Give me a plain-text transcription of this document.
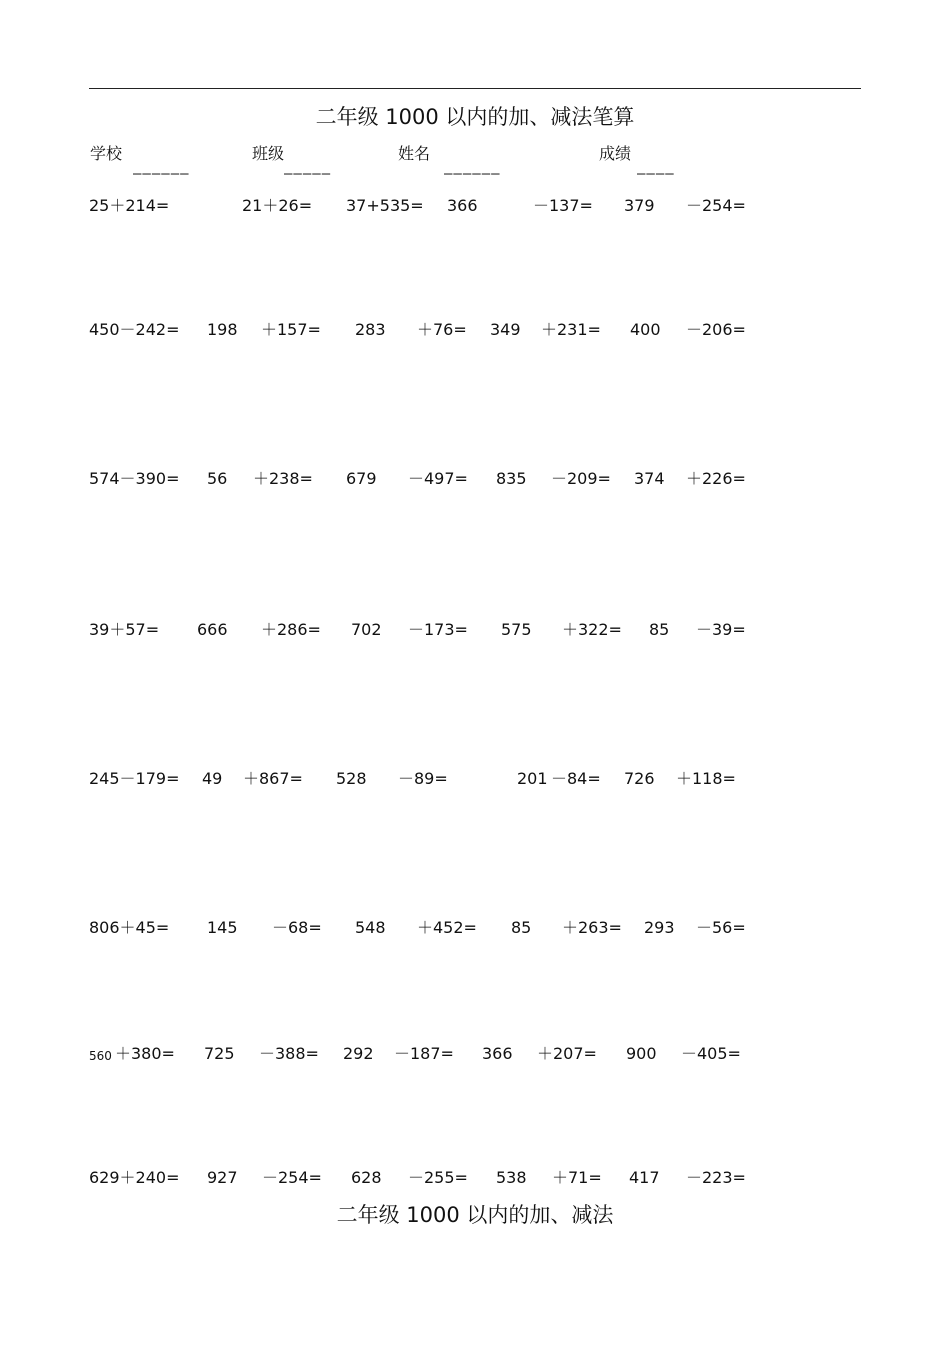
二年级 1000 以内的加、减法笔算
学校	班级	姓名	成绩
——————	—————	——————	————
25＋214=	21＋26= 37+535= 366	－137= 379 －254=
450－242= 198 ＋157= 283 ＋76= 349 ＋231= 400 －206=
574－390= 56 ＋238= 679 －497= 835 －209= 374 ＋226=
39＋57= 666 ＋286= 702 －173= 575 ＋322= 85 －39=
245－179= 49 ＋867= 528 －89=	201 －84= 726 ＋118=
806＋45= 145 －68= 548 ＋452= 85 ＋263= 293 －56=
560 ＋380= 725 －388= 292 －187= 366 ＋207= 900 －405=
629＋240= 927 －254= 628 －255= 538 ＋71= 417 －223=
二年级 1000 以内的加、减法
